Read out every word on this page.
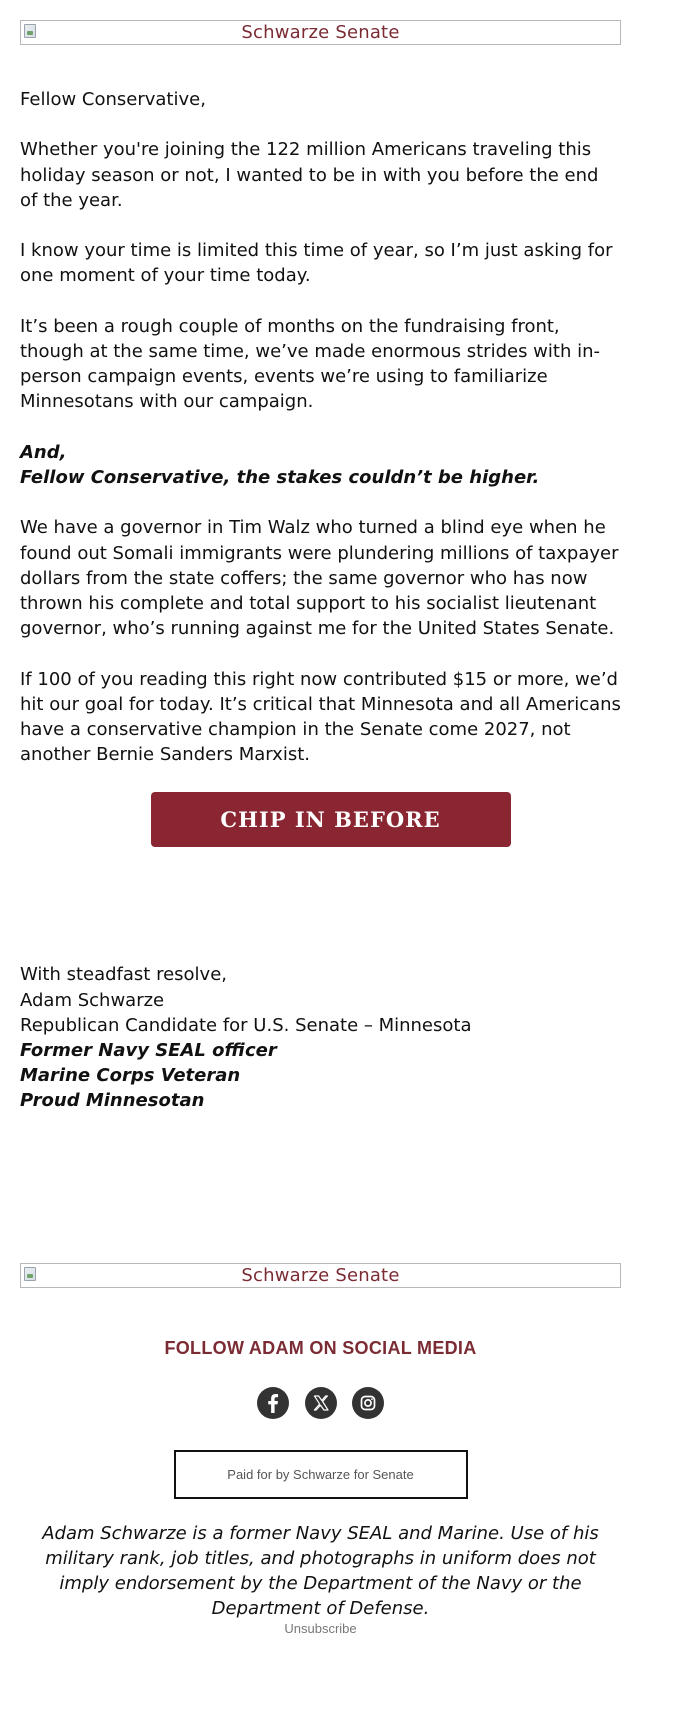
Schwarze Senate

Fellow Conservative,

Whether you're joining the 122 million Americans traveling this holiday season or not, I wanted to be in with you before the end of the year.

I know your time is limited this time of year, so I’m just asking for one moment of your time today.

It’s been a rough couple of months on the fundraising front, though at the same time, we’ve made enormous strides with in-person campaign events, events we’re using to familiarize Minnesotans with our campaign.

And,

Fellow Conservative, the stakes couldn’t be higher.

We have a governor in Tim Walz who turned a blind eye when he found out Somali immigrants were plundering millions of taxpayer dollars from the state coffers; the same governor who has now thrown his complete and total support to his socialist lieutenant governor, who’s running against me for the United States Senate.

If 100 of you reading this right now contributed $15 or more, we’d hit our goal for today. It’s critical that Minnesota and all Americans have a conservative champion in the Senate come 2027, not another Bernie Sanders Marxist.

CHIP IN BEFORE MIDNIGHT

With steadfast resolve,

Adam Schwarze

Republican Candidate for U.S. Senate – Minnesota

Former Navy SEAL officer

Marine Corps Veteran

Proud Minnesotan

Schwarze Senate
FOLLOW ADAM ON SOCIAL MEDIA

Paid for by Schwarze for Senate
Adam Schwarze is a former Navy SEAL and Marine. Use of his military rank, job titles, and photographs in uniform does not imply endorsement by the Department of the Navy or the Department of Defense.
Unsubscribe
